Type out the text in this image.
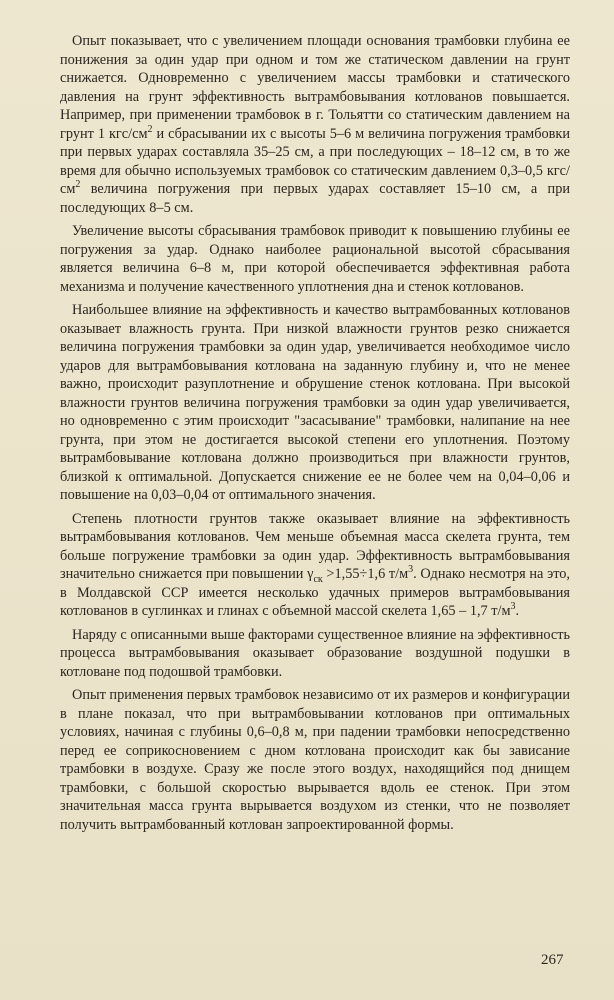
Опыт показывает, что с увеличением площади основания трамбовки глубина ее понижения за один удар при одном и том же статическом давлении на грунт снижается. Одновременно с увеличением массы трамбовки и статического давления на грунт эффективность вытрамбовывания котлованов повышается. Например, при применении трамбовок в г. Тольятти со статическим давлением на грунт 1 кгс/$см^2$ и сбрасывании их с высоты 5–6 м величина погружения трамбовки при первых ударах составляла 35–25 см, а при последующих – 18–12 см, в то же время для обычно используемых трамбовок со статическим давлением 0,3–0,5 кгс/$см^2$ величина погружения при первых ударах составляет 15–10 см, а при последующих 8–5 см.

Увеличение высоты сбрасывания трамбовок приводит к повышению глубины ее погружения за удар. Однако наиболее рациональной высотой сбрасывания является величина 6–8 м, при которой обеспечивается эффективная работа механизма и получение качественного уплотнения дна и стенок котлованов.

Наибольшее влияние на эффективность и качество вытрамбованных котлованов оказывает влажность грунта. При низкой влажности грунтов резко снижается величина погружения трамбовки за один удар, увеличивается необходимое число ударов для вытрамбовывания котлована на заданную глубину и, что не менее важно, происходит разуплотнение и обрушение стенок котлована. При высокой влажности грунтов величина погружения трамбовки за один удар увеличивается, но одновременно с этим происходит "засасывание" трамбовки, налипание на нее грунта, при этом не достигается высокой степени его уплотнения. Поэтому вытрамбовывание котлована должно производиться при влажности грунтов, близкой к оптимальной. Допускается снижение ее не более чем на 0,04–0,06 и повышение на 0,03–0,04 от оптимального значения.

Степень плотности грунтов также оказывает влияние на эффективность вытрамбовывания котлованов. Чем меньше объемная масса скелета грунта, тем больше погружение трамбовки за один удар. Эффективность вытрамбовывания значительно снижается при повышении $\gamma_{ск} >1,55\div 1,6$ $т/м^3$. Однако несмотря на это, в Молдавской ССР имеется несколько удачных примеров вытрамбовывания котлованов в суглинках и глинах с объемной массой скелета 1,65 – 1,7 $т/м^3$.

Наряду с описанными выше факторами существенное влияние на эффективность процесса вытрамбовывания оказывает образование воздушной подушки в котловане под подошвой трамбовки.

Опыт применения первых трамбовок независимо от их размеров и конфигурации в плане показал, что при вытрамбовывании котлованов при оптимальных условиях, начиная с глубины 0,6–0,8 м, при падении трамбовки непосредственно перед ее соприкосновением с дном котлована происходит как бы зависание трамбовки в воздухе. Сразу же после этого воздух, находящийся под днищем трамбовки, с большой скоростью вырывается вдоль ее стенок. При этом значительная масса грунта вырывается воздухом из стенки, что не позволяет получить вытрамбованный котлован запроектированной формы.

267
